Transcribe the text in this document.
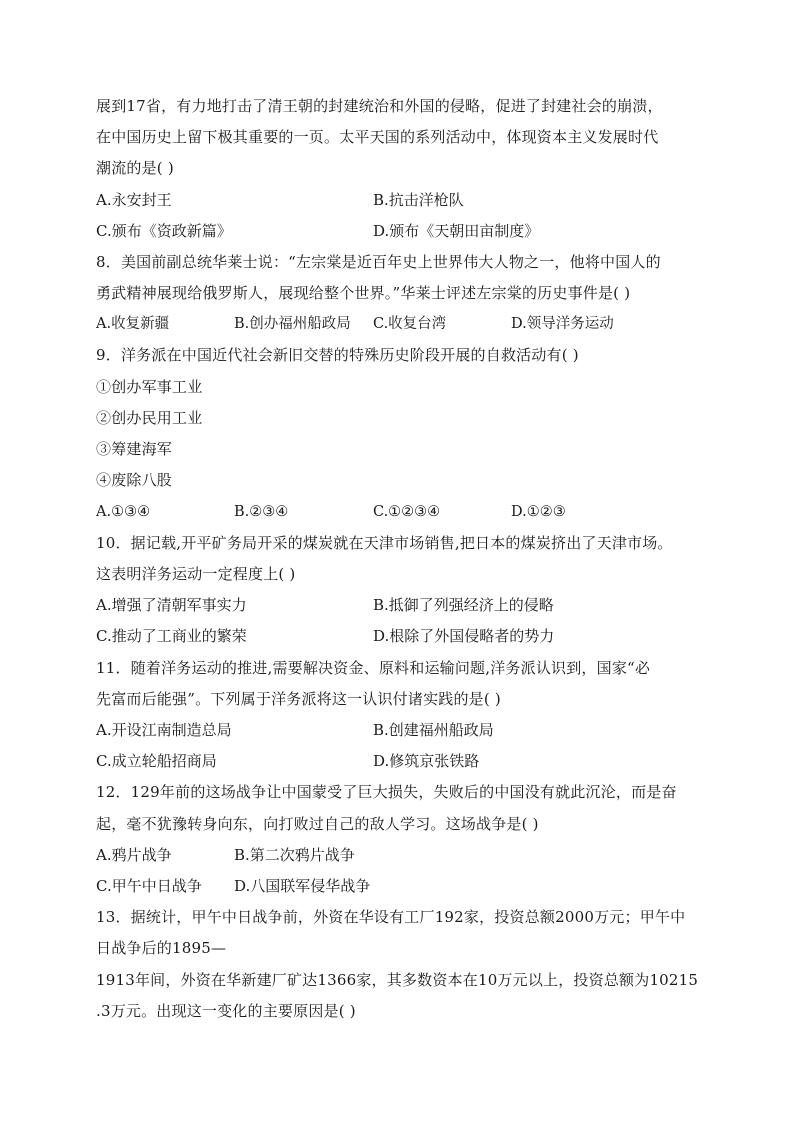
展到17省，有力地打击了清王朝的封建统治和外国的侵略，促进了封建社会的崩溃，
在中国历史上留下极其重要的一页。太平天国的系列活动中，体现资本主义发展时代
潮流的是( )
A.永安封王	B.抗击洋枪队
C.颁布《资政新篇》	D.颁布《天朝田亩制度》
8．美国前副总统华莱士说：“左宗棠是近百年史上世界伟大人物之一，他将中国人的
勇武精神展现给俄罗斯人，展现给整个世界。”华莱士评述左宗棠的历史事件是( )
A.收复新疆	B.创办福州船政局 C.收复台湾	D.领导洋务运动
9．洋务派在中国近代社会新旧交替的特殊历史阶段开展的自救活动有( )
①创办军事工业
②创办民用工业
③筹建海军
④废除八股
A.①③④	B.②③④	C.①②③④	D.①②③
10．据记载,开平矿务局开采的煤炭就在天津市场销售,把日本的煤炭挤出了天津市场。
这表明洋务运动一定程度上( )
A.增强了清朝军事实力	B.抵御了列强经济上的侵略
C.推动了工商业的繁荣	D.根除了外国侵略者的势力
11．随着洋务运动的推进,需要解决资金、原料和运输问题,洋务派认识到，国家“必
先富而后能强”。下列属于洋务派将这一认识付诸实践的是( )
A.开设江南制造总局	B.创建福州船政局
C.成立轮船招商局	D.修筑京张铁路
12．129年前的这场战争让中国蒙受了巨大损失，失败后的中国没有就此沉沦，而是奋
起，毫不犹豫转身向东，向打败过自己的敌人学习。这场战争是( )
A.鸦片战争	B.第二次鸦片战争
C.甲午中日战争 D.八国联军侵华战争
13．据统计，甲午中日战争前，外资在华设有工厂192家，投资总额2000万元；甲午中
日战争后的1895—
1913年间，外资在华新建厂矿达1366家，其多数资本在10万元以上，投资总额为10215
.3万元。出现这一变化的主要原因是( )
